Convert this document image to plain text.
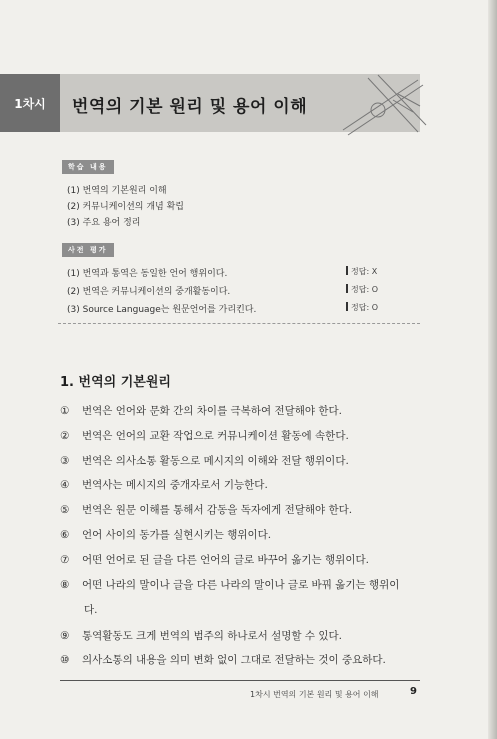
1차시	번역의 기본 원리 및 용어 이해
학습 내용
(1) 번역의 기본원리 이해
(2) 커뮤니케이션의 개념 확립
(3) 주요 용어 정리
사전 평가
(1) 번역과 통역은 동일한 언어 행위이다.
(2) 번역은 커뮤니케이션의 중개활동이다.
(3) Source Language는 원문언어를 가리킨다.
정답: X
정답: O
정답: O
1. 번역의 기본원리
① 번역은 언어와 문화 간의 차이를 극복하여 전달해야 한다.
② 번역은 언어의 교환 작업으로 커뮤니케이션 활동에 속한다.
③ 번역은 의사소통 활동으로 메시지의 이해와 전달 행위이다.
④ 번역사는 메시지의 중개자로서 기능한다.
⑤ 번역은 원문 이해를 통해서 감동을 독자에게 전달해야 한다.
⑥ 언어 사이의 동가를 실현시키는 행위이다.
⑦ 어떤 언어로 된 글을 다른 언어의 글로 바꾸어 옮기는 행위이다.
⑧ 어떤 나라의 말이나 글을 다른 나라의 말이나 글로 바꿔 옮기는 행위이
다.
⑨ 통역활동도 크게 번역의 범주의 하나로서 설명할 수 있다.
⑩ 의사소통의 내용을 의미 변화 없이 그대로 전달하는 것이 중요하다.
1차시 번역의 기본 원리 및 용어 이해	9
